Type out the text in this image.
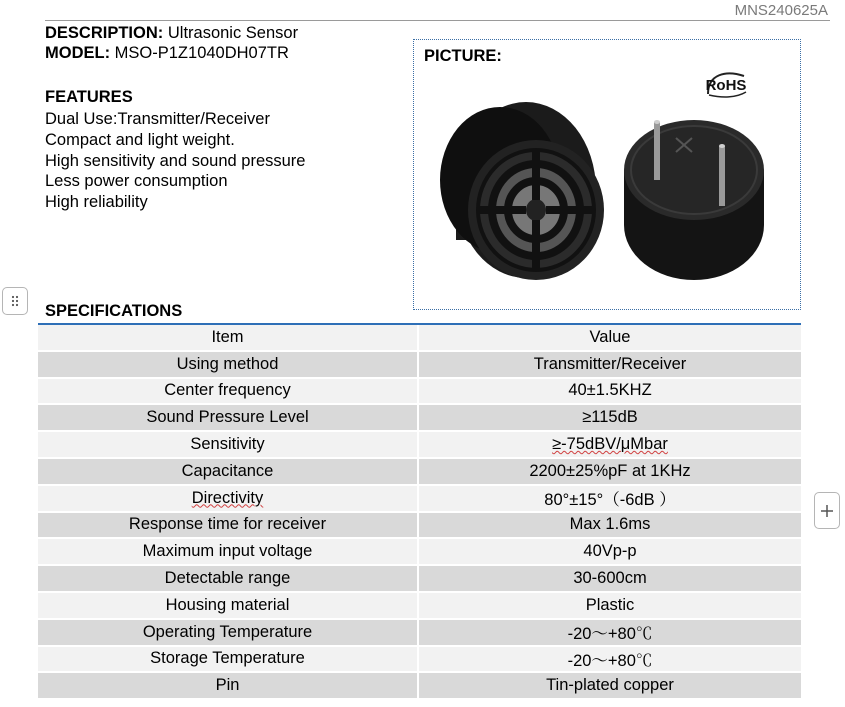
MNS240625A
DESCRIPTION: Ultrasonic Sensor
MODEL: MSO-P1Z1040DH07TR
FEATURES
Dual Use:Transmitter/Receiver
Compact and light weight.
High sensitivity and sound pressure
Less power consumption
High reliability
PICTURE:
RoHS
SPECIFICATIONS
Item	Value
Using method	Transmitter/Receiver
Center frequency	40±1.5KHZ
Sound Pressure Level	≥115dB
Sensitivity	≥-75dBV/μMbar
Capacitance	2200±25%pF at 1KHz
Directivity	80°±15°（-6dB ）
Response time for receiver	Max 1.6ms
Maximum input voltage	40Vp-p
Detectable range	30-600cm
Housing material	Plastic
Operating Temperature	-20～+80℃
Storage Temperature	-20～+80℃
Pin	Tin-plated copper
